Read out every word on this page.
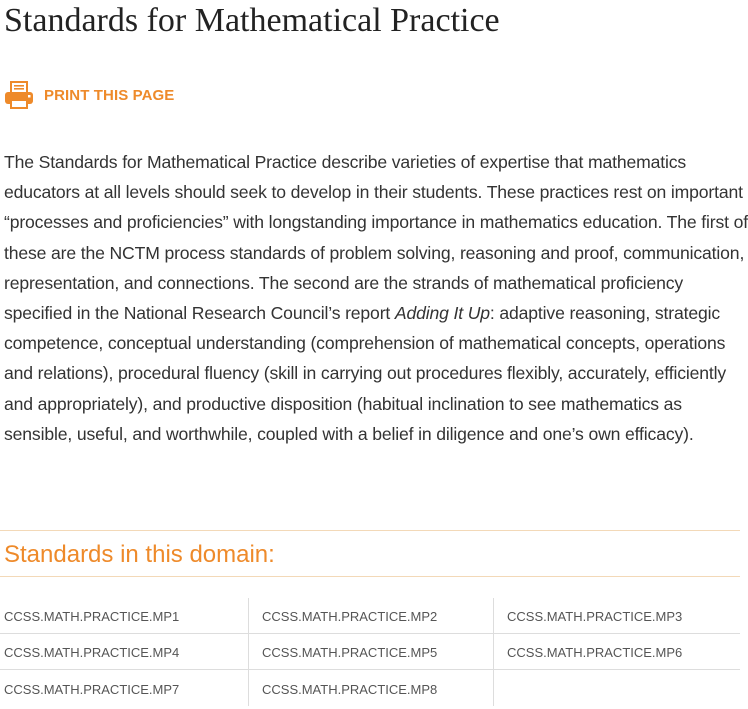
Standards for Mathematical Practice
PRINT THIS PAGE

The Standards for Mathematical Practice describe varieties of expertise that mathematics educators at all levels should seek to develop in their students. These practices rest on important “processes and proficiencies” with longstanding importance in mathematics education. The first of these are the NCTM process standards of problem solving, reasoning and proof, communication, representation, and connections. The second are the strands of mathematical proficiency specified in the National Research Council’s report Adding It Up: adaptive reasoning, strategic competence, conceptual understanding (comprehension of mathematical concepts, operations and relations), procedural fluency (skill in carrying out procedures flexibly, accurately, efficiently and appropriately), and productive disposition (habitual inclination to see mathematics as sensible, useful, and worthwhile, coupled with a belief in diligence and one’s own efficacy).

Standards in this domain:
CCSS.MATH.PRACTICE.MP1	CCSS.MATH.PRACTICE.MP2	CCSS.MATH.PRACTICE.MP3
CCSS.MATH.PRACTICE.MP4	CCSS.MATH.PRACTICE.MP5	CCSS.MATH.PRACTICE.MP6
CCSS.MATH.PRACTICE.MP7	CCSS.MATH.PRACTICE.MP8
